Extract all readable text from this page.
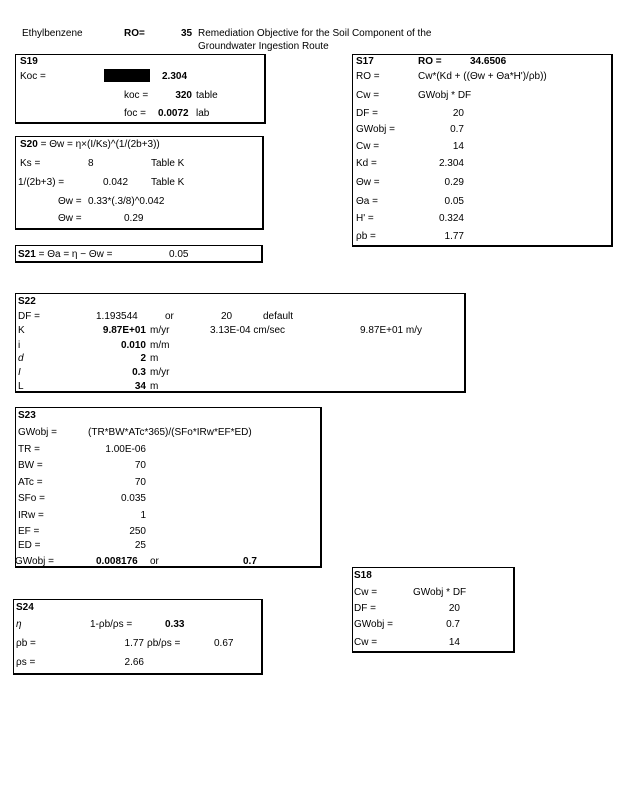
Ethylbenzene	RO=	35 Remediation Objective for the Soil Component of the
Groundwater Ingestion Route
S19
Koc =	2.304
koc =	320 table
foc = 0.0072 lab
S20 = Θw = η×(I/Ks)^(1/(2b+3))
Ks =	8	Table K
1/(2b+3) =	0.042 Table K
Θw = 0.33*(.3/8)^0.042
Θw =	0.29
S21 = Θa = η − Θw =	0.05
S17	RO =	34.6506
RO =	Cw*(Kd + ((Θw + Θa*H')/ρb))
Cw =	GWobj * DF
DF =	20
GWobj =	0.7
Cw =	14
Kd =	2.304
Θw =	0.29
Θa =	0.05
H' =	0.324
ρb =	1.77
S22
DF =	1.193544	or	20	default
K	9.87E+01 m/yr	3.13E-04 cm/sec	9.87E+01 m/y
i	0.010 m/m
d	2 m
I	0.3 m/yr
L	34 m
S23
GWobj =	(TR*BW*ATc*365)/(SFo*IRw*EF*ED)
TR =	1.00E-06
BW =	70
ATc =	70
SFo =	0.035
IRw =	1
EF =	250
ED =	25
GWobj =	0.008176 or	0.7
S18
Cw =	GWobj * DF
DF =	20
GWobj =	0.7
Cw =	14
S24
η	1-ρb/ρs =	0.33
ρb =	1.77 ρb/ρs =	0.67
ρs =	2.66
